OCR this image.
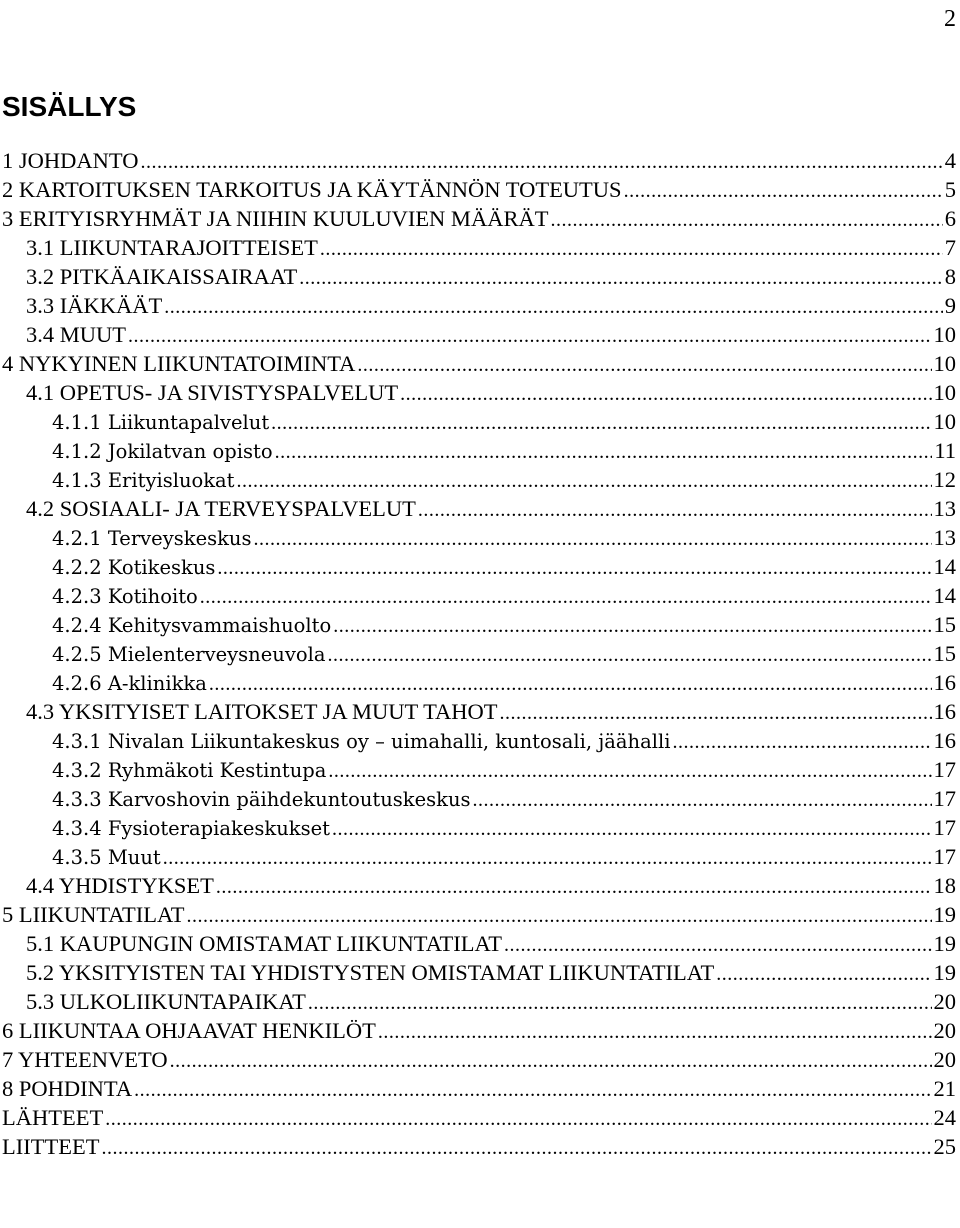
2
SISÄLLYS
1 JOHDANTO .....	4
2 KARTOITUKSEN TARKOITUS JA KÄYTÄNNÖN TOTEUTUS .....	5
3 ERITYISRYHMÄT JA NIIHIN KUULUVIEN MÄÄRÄT .....	6
3.1 LIIKUNTARAJOITTEISET .....	7
3.2 PITKÄAIKAISSAIRAAT .....	8
3.3 IÄKKÄÄT .....	9
3.4 MUUT .....	10
4 NYKYINEN LIIKUNTATOIMINTA .....	10
4.1 OPETUS- JA SIVISTYSPALVELUT .....	10
4.1.1 Liikuntapalvelut .....	10
4.1.2 Jokilatvan opisto .....	11
4.1.3 Erityisluokat .....	12
4.2 SOSIAALI- JA TERVEYSPALVELUT .....	13
4.2.1 Terveyskeskus .....	13
4.2.2 Kotikeskus .....	14
4.2.3 Kotihoito .....	14
4.2.4 Kehitysvammaishuolto .....	15
4.2.5 Mielenterveysneuvola .....	15
4.2.6 A-klinikka .....	16
4.3 YKSITYISET LAITOKSET JA MUUT TAHOT .....	16
4.3.1 Nivalan Liikuntakeskus oy – uimahalli, kuntosali, jäähalli .....	16
4.3.2 Ryhmäkoti Kestintupa .....	17
4.3.3 Karvoshovin päihdekuntoutuskeskus .....	17
4.3.4 Fysioterapiakeskukset .....	17
4.3.5 Muut .....	17
4.4 YHDISTYKSET .....	18
5 LIIKUNTATILAT .....	19
5.1 KAUPUNGIN OMISTAMAT LIIKUNTATILAT .....	19
5.2 YKSITYISTEN TAI YHDISTYSTEN OMISTAMAT LIIKUNTATILAT .....	19
5.3 ULKOLIIKUNTAPAIKAT .....	20
6 LIIKUNTAA OHJAAVAT HENKILÖT .....	20
7 YHTEENVETO .....	20
8 POHDINTA .....	21
LÄHTEET .....	24
LIITTEET .....	25
